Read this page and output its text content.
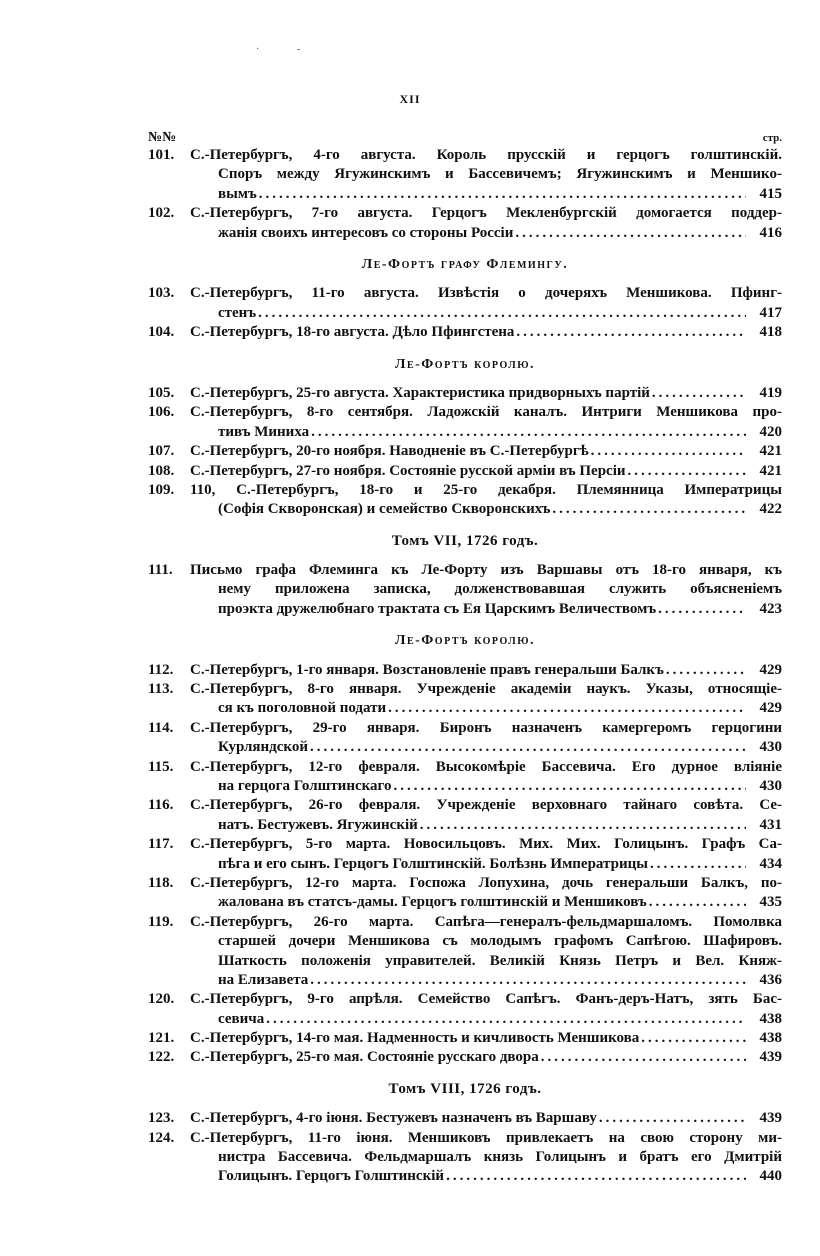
·               -
XII
№№	стр.
101.	С.-Петербургъ, 4-го августа. Король прусскій и герцогъ голштинскій.
Споръ между Ягужинскимъ и Бассевичемъ; Ягужинскимъ и Меншико-
вымъ .....	415
102.	С.-Петербургъ, 7-го августа. Герцогъ Мекленбургскій домогается поддер-
жанія своихъ интересовъ со стороны Россіи .....	416
Ле-Фортъ графу Флемингу.
103.	С.-Петербургъ, 11-го августа. Извѣстія о дочеряхъ Меншикова. Пфинг-
стенъ .....	417
104.	С.-Петербургъ, 18-го августа. Дѣло Пфингстена .....	418
Ле-Фортъ королю.
105.	С.-Петербургъ, 25-го августа. Характеристика придворныхъ партій .....	419
106.	С.-Петербургъ, 8-го сентября. Ладожскій каналъ. Интриги Меншикова про-
тивъ Миниха .....	420
107.	С.-Петербургъ, 20-го ноября. Наводненіе въ С.-Петербургѣ .....	421
108.	С.-Петербургъ, 27-го ноября. Состояніе русской арміи въ Персіи .....	421
109.	110, С.-Петербургъ, 18-го и 25-го декабря. Племянница Императрицы
(Софія Скворонская) и семейство Скворонскихъ .....	422
Томъ VII, 1726 годъ.
111.	Письмо графа Флеминга къ Ле-Форту изъ Варшавы отъ 18-го января, къ
нему приложена записка, долженствовавшая служить объясненіемъ
проэкта дружелюбнаго трактата съ Ея Царскимъ Величествомъ .....	423
Ле-Фортъ королю.
112.	С.-Петербургъ, 1-го января. Возстановленіе правъ генеральши Балкъ .....	429
113.	С.-Петербургъ, 8-го января. Учрежденіе академіи наукъ. Указы, относящіе-
ся къ поголовной подати .....	429
114.	С.-Петербургъ, 29-го января. Биронъ назначенъ камергеромъ герцогини
Курляндской .....	430
115.	С.-Петербургъ, 12-го февраля. Высокомѣріе Бассевича. Его дурное вліяніе
на герцога Голштинскаго .....	430
116.	С.-Петербургъ, 26-го февраля. Учрежденіе верховнаго тайнаго совѣта. Се-
натъ. Бестужевъ. Ягужинскій .....	431
117.	С.-Петербургъ, 5-го марта. Новосильцовъ. Мих. Мих. Голицынъ. Графъ Са-
пѣга и его сынъ. Герцогъ Голштинскій. Болѣзнь Императрицы .....	434
118.	С.-Петербургъ, 12-го марта. Госпожа Лопухина, дочь генеральши Балкъ, по-
жалована въ статсъ-дамы. Герцогъ голштинскій и Меншиковъ .....	435
119.	С.-Петербургъ, 26-го марта. Сапѣга—генералъ-фельдмаршаломъ. Помолвка
старшей дочери Меншикова съ молодымъ графомъ Сапѣгою. Шафировъ.
Шаткость положенія управителей. Великій Князь Петръ и Вел. Княж-
на Елизавета .....	436
120.	С.-Петербургъ, 9-го апрѣля. Семейство Сапѣгъ. Фанъ-деръ-Натъ, зять Бас-
севича .....	438
121.	С.-Петербургъ, 14-го мая. Надменность и кичливость Меншикова .....	438
122.	С.-Петербургъ, 25-го мая. Состояніе русскаго двора .....	439
Томъ VIII, 1726 годъ.
123.	С.-Петербургъ, 4-го іюня. Бестужевъ назначенъ въ Варшаву .....	439
124.	С.-Петербургъ, 11-го іюня. Меншиковъ привлекаетъ на свою сторону ми-
нистра Бассевича. Фельдмаршалъ князь Голицынъ и братъ его Дмитрій
Голицынъ. Герцогъ Голштинскій .....	440
